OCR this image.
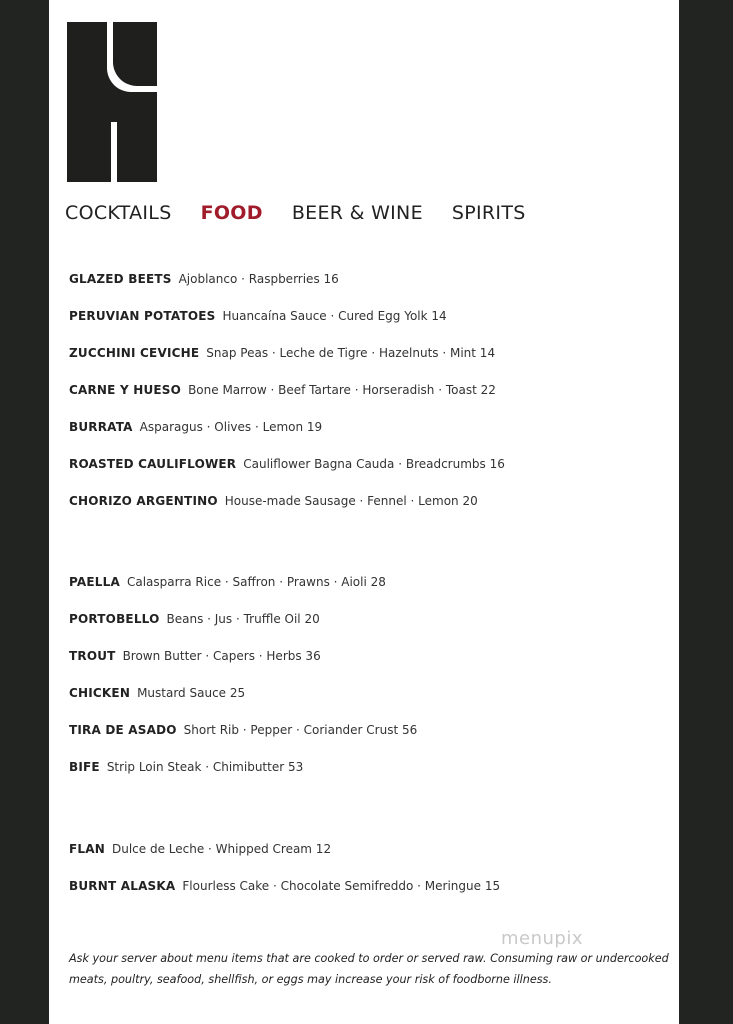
COCKTAILS FOOD BEER & WINE SPIRITS
GLAZED BEETS Ajoblanco · Raspberries 16
PERUVIAN POTATOES Huancaína Sauce · Cured Egg Yolk 14
ZUCCHINI CEVICHE Snap Peas · Leche de Tigre · Hazelnuts · Mint 14
CARNE Y HUESO Bone Marrow · Beef Tartare · Horseradish · Toast 22
BURRATA Asparagus · Olives · Lemon 19
ROASTED CAULIFLOWER Cauliflower Bagna Cauda · Breadcrumbs 16
CHORIZO ARGENTINO House-made Sausage · Fennel · Lemon 20
PAELLA Calasparra Rice · Saffron · Prawns · Aioli 28
PORTOBELLO Beans · Jus · Truffle Oil 20
TROUT Brown Butter · Capers · Herbs 36
CHICKEN Mustard Sauce 25
TIRA DE ASADO Short Rib · Pepper · Coriander Crust 56
BIFE Strip Loin Steak · Chimibutter 53
FLAN Dulce de Leche · Whipped Cream 12
BURNT ALASKA Flourless Cake · Chocolate Semifreddo · Meringue 15
menupix
Ask your server about menu items that are cooked to order or served raw. Consuming raw or undercooked meats, poultry, seafood, shellfish, or eggs may increase your risk of foodborne illness.
